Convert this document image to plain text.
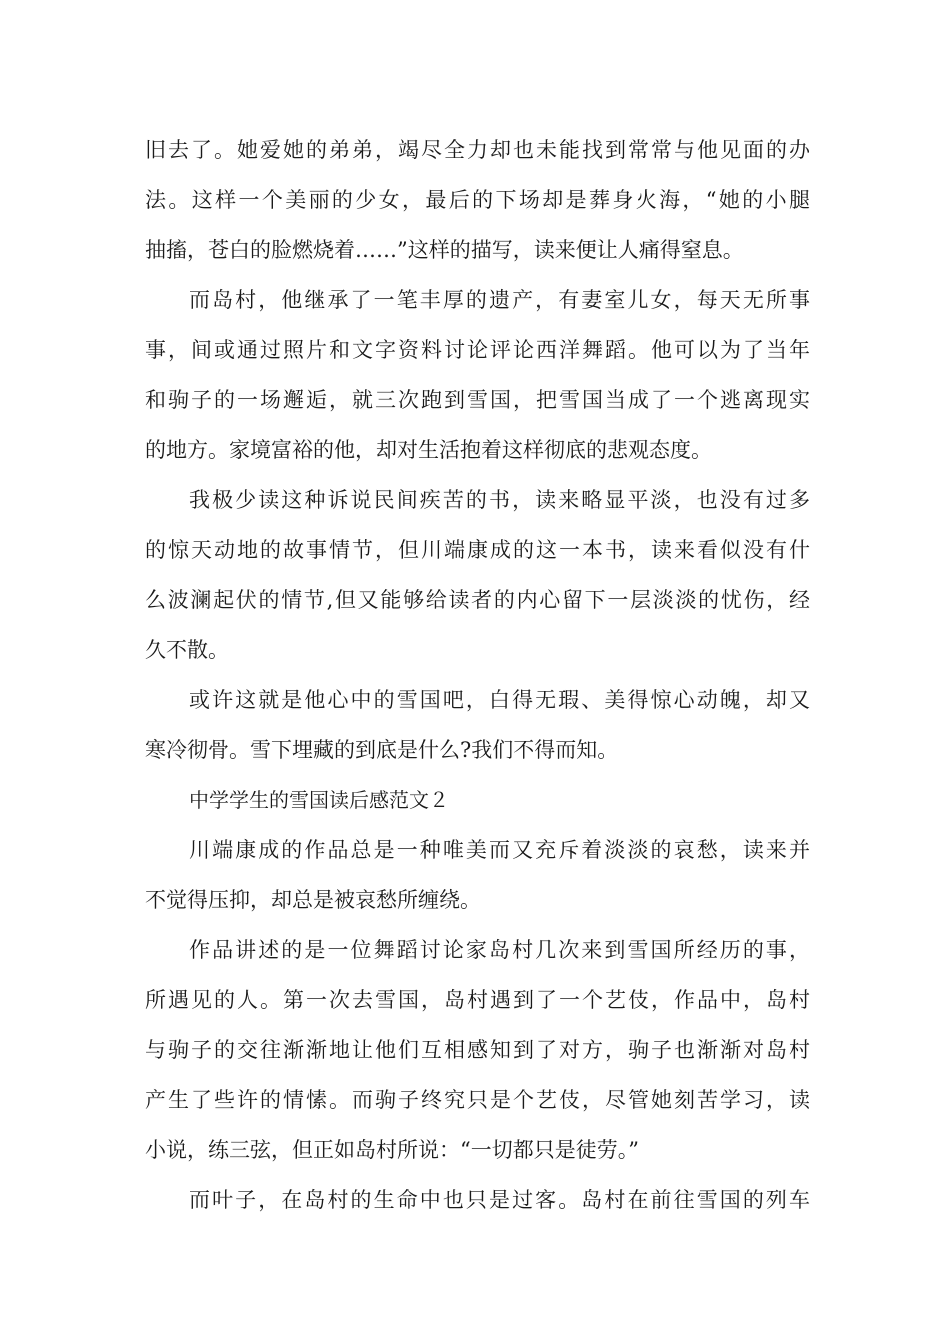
旧去了。她爱她的弟弟，竭尽全力却也未能找到常常与他见面的办
法。这样一个美丽的少女，最后的下场却是葬身火海，“她的小腿
抽搐，苍白的脸燃烧着……”这样的描写，读来便让人痛得窒息。
而岛村，他继承了一笔丰厚的遗产，有妻室儿女，每天无所事
事，间或通过照片和文字资料讨论评论西洋舞蹈。他可以为了当年
和驹子的一场邂逅，就三次跑到雪国，把雪国当成了一个逃离现实
的地方。家境富裕的他，却对生活抱着这样彻底的悲观态度。
我极少读这种诉说民间疾苦的书，读来略显平淡，也没有过多
的惊天动地的故事情节，但川端康成的这一本书，读来看似没有什
么波澜起伏的情节,但又能够给读者的内心留下一层淡淡的忧伤，经
久不散。
或许这就是他心中的雪国吧，白得无瑕、美得惊心动魄，却又
寒冷彻骨。雪下埋藏的到底是什么?我们不得而知。
中学学生的雪国读后感范文２
川端康成的作品总是一种唯美而又充斥着淡淡的哀愁，读来并
不觉得压抑，却总是被哀愁所缠绕。
作品讲述的是一位舞蹈讨论家岛村几次来到雪国所经历的事，
所遇见的人。第一次去雪国，岛村遇到了一个艺伎，作品中，岛村
与驹子的交往渐渐地让他们互相感知到了对方，驹子也渐渐对岛村
产生了些许的情愫。而驹子终究只是个艺伎，尽管她刻苦学习，读
小说，练三弦，但正如岛村所说：“一切都只是徒劳。”
而叶子，在岛村的生命中也只是过客。岛村在前往雪国的列车
